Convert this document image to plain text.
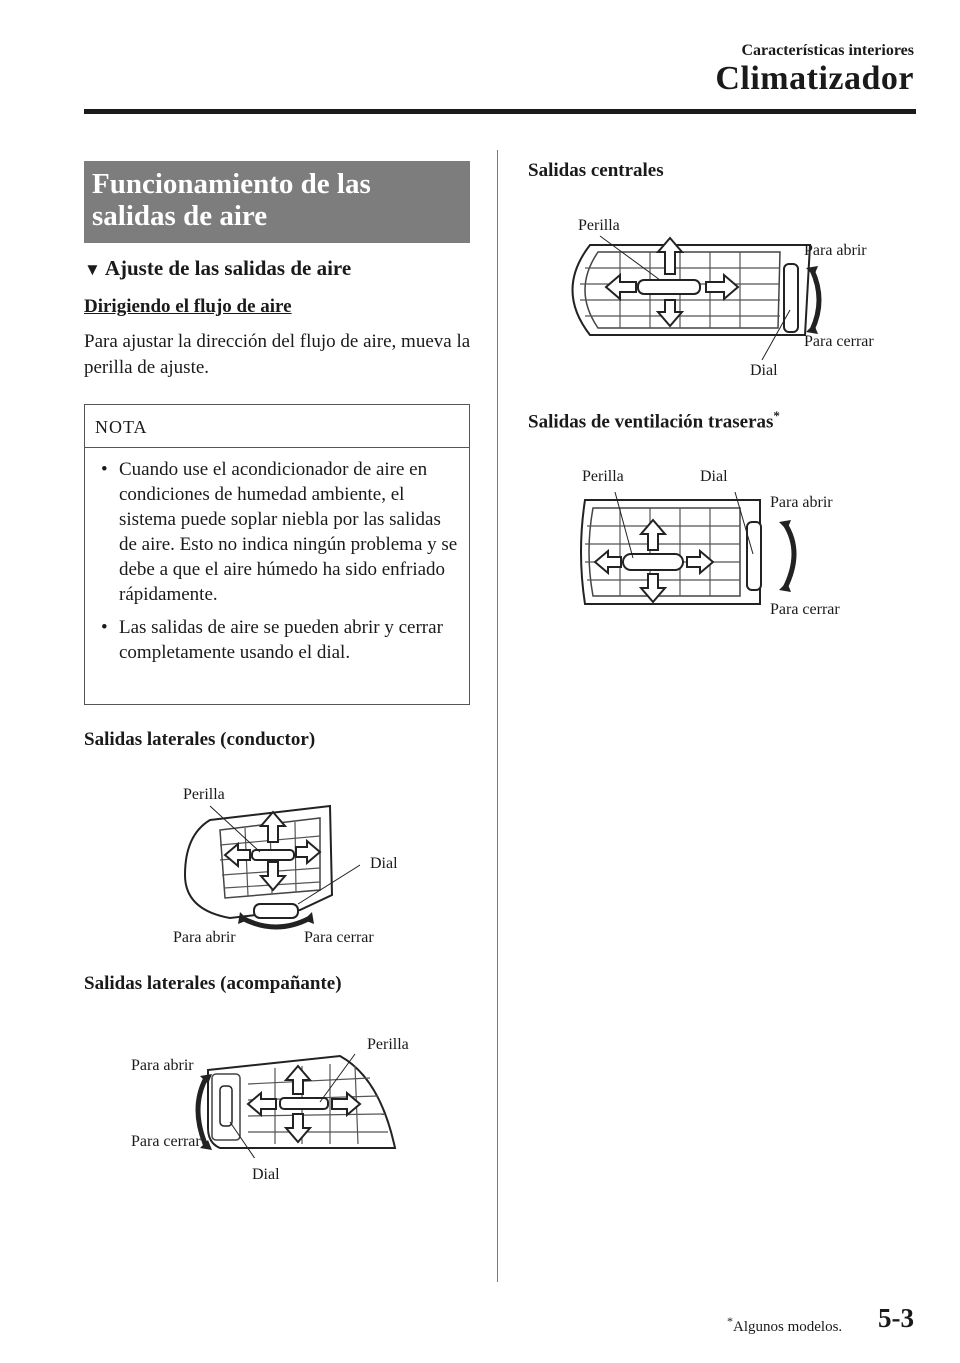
Características interiores
Climatizador
Funcionamiento de las
salidas de aire
▼ Ajuste de las salidas de aire
Dirigiendo el flujo de aire
Para ajustar la dirección del flujo de aire, mueva la perilla de ajuste.
NOTA
• Cuando use el acondicionador de aire en condiciones de humedad ambiente, el sistema puede soplar niebla por las salidas de aire. Esto no indica ningún problema y se debe a que el aire húmedo ha sido enfriado rápidamente.
• Las salidas de aire se pueden abrir y cerrar completamente usando el dial.
Salidas laterales (conductor)
Perilla
Dial
Para abrir	Para cerrar
Salidas laterales (acompañante)
Perilla
Para abrir
Para cerrar
Dial
Salidas centrales
Perilla
Para abrir
Para cerrar
Dial
Salidas de ventilación traseras*
Perilla	Dial
Para abrir
Para cerrar
*Algunos modelos. 5-3
